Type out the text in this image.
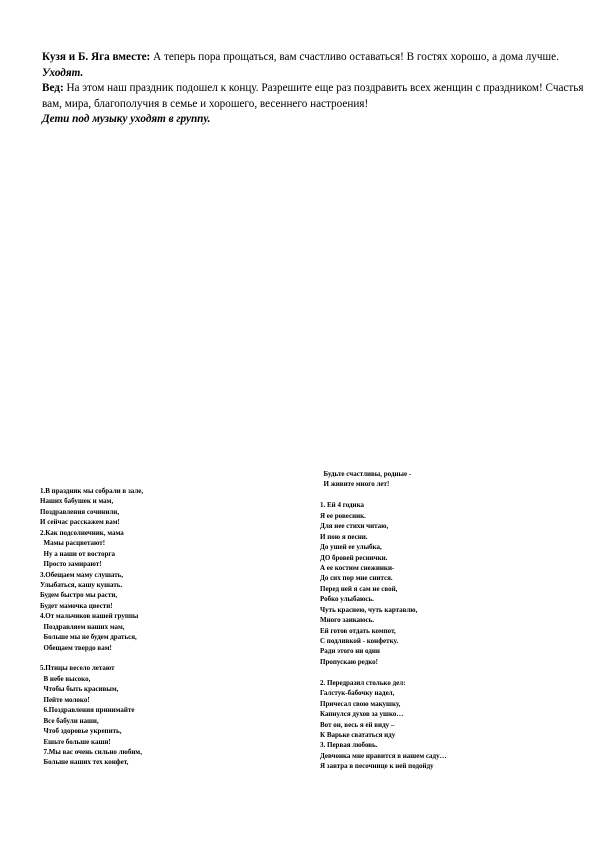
Кузя и Б. Яга вместе: А теперь пора прощаться, вам счастливо оставаться! В гостях хорошо, а дома лучше.

Уходят.

Вед: На этом наш праздник подошел к концу. Разрешите еще раз поздравить всех женщин с праздником! Счастья вам, мира, благополучия в семье и хорошего, весеннего настроения!

Дети под музыку уходят в группу.

1.В праздник мы собрали в зале,
Наших бабушек и мам,
Поздравления сочинили,
И сейчас расскажем вам!
2.Как подсолнечник, мама
Мамы расцветают!
Ну а наши от восторга
Просто замирают!
3.Обещаем маму слушать,
Улыбаться, кашу кушать.
Будем быстро мы расти,
Будет мамочка цвести!
4.От мальчиков нашей группы
Поздравляем наших мам,
Больше мы не будем драться,
Обещаем твердо вам!
5.Птицы весело летают
В небе высоко,
Чтобы быть красивым,
Пейте молоко!
6.Поздравления принимайте
Все бабули наши,
Чтоб здоровье укрепить,
Ешьте больше каши!
7.Мы вас очень сильно любим,
Больше наших тех конфет,
Будьте счастливы, родные -
И живите много лет!
1. Ей 4 годика
Я ее ровесник.
Для нее стихи читаю,
И пою я песни.
До ушей ее улыбка,
ДО бровей реснички.
А ее костюм снежинки-
До сих пор мне снится.
Перед ней я сам не свой,
Робко улыбаюсь.
Чуть краснею, чуть картавлю,
Много заикаюсь.
Ей готов отдать компот,
С подливкой - конфетку.
Ради этого ни один
Пропускаю редко!
2. Передразил столько дел:
Галстук-бабочку надел,
Причесал свою макушку,
Капнулся духов за ушко…
Вот он, весь я ей виду –
К Варьке свататься иду
3. Первая любовь.
Девчонка мне нравится в нашем саду…
Я завтра в песочнице к ней подойду
